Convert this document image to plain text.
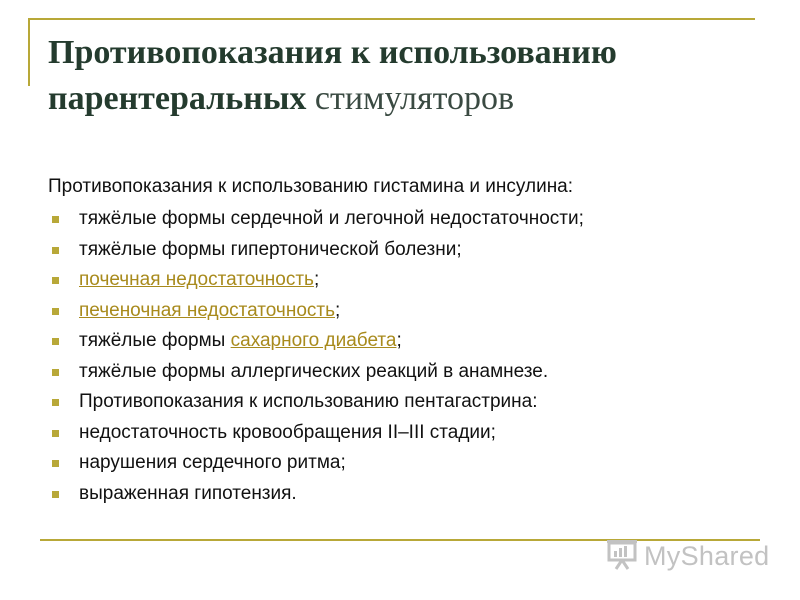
Противопоказания к использованию
парентеральных стимуляторов
Противопоказания к использованию гистамина и инсулина:
тяжёлые формы сердечной и легочной недостаточности;
тяжёлые формы гипертонической болезни;
почечная недостаточность;
печеночная недостаточность;
тяжёлые формы сахарного диабета;
тяжёлые формы аллергических реакций в анамнезе.
Противопоказания к использованию пентагастрина:
недостаточность кровообращения II–III стадии;
нарушения сердечного ритма;
выраженная гипотензия.
MyShared
